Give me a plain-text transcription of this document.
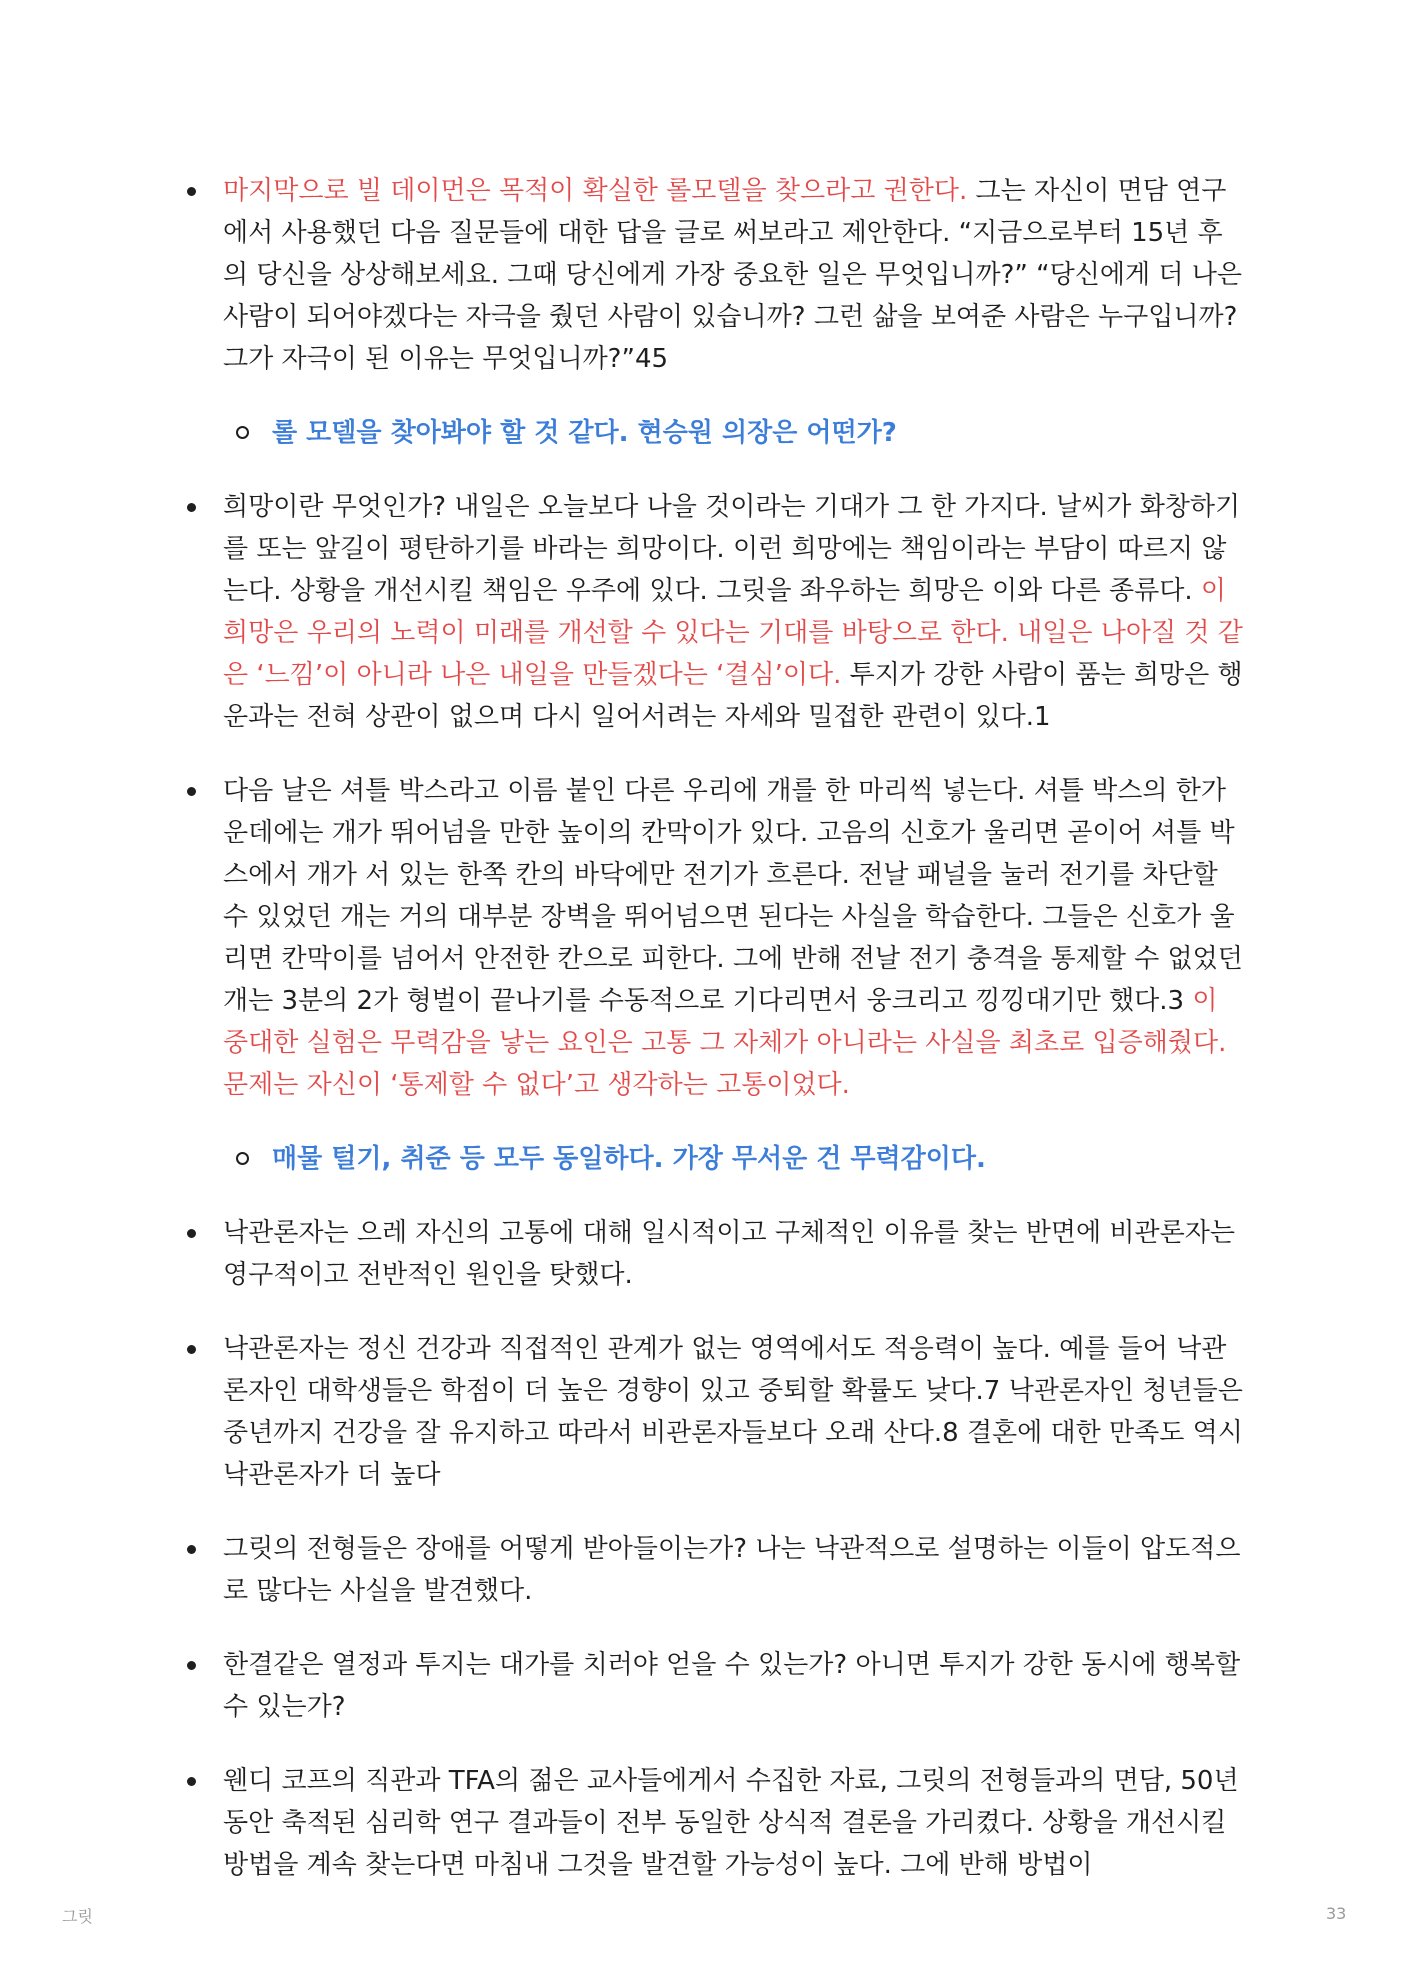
마지막으로 빌 데이먼은 목적이 확실한 롤모델을 찾으라고 권한다. 그는 자신이 면담 연구에서 사용했던 다음 질문들에 대한 답을 글로 써보라고 제안한다. “지금으로부터 15년 후의 당신을 상상해보세요. 그때 당신에게 가장 중요한 일은 무엇입니까?” “당신에게 더 나은 사람이 되어야겠다는 자극을 줬던 사람이 있습니까? 그런 삶을 보여준 사람은 누구입니까? 그가 자극이 된 이유는 무엇입니까?”45
롤 모델을 찾아봐야 할 것 같다. 현승원 의장은 어떤가?
희망이란 무엇인가? 내일은 오늘보다 나을 것이라는 기대가 그 한 가지다. 날씨가 화창하기를 또는 앞길이 평탄하기를 바라는 희망이다. 이런 희망에는 책임이라는 부담이 따르지 않는다. 상황을 개선시킬 책임은 우주에 있다. 그릿을 좌우하는 희망은 이와 다른 종류다. 이 희망은 우리의 노력이 미래를 개선할 수 있다는 기대를 바탕으로 한다. 내일은 나아질 것 같은 ‘느낌’이 아니라 나은 내일을 만들겠다는 ‘결심’이다. 투지가 강한 사람이 품는 희망은 행운과는 전혀 상관이 없으며 다시 일어서려는 자세와 밀접한 관련이 있다.1
다음 날은 셔틀 박스라고 이름 붙인 다른 우리에 개를 한 마리씩 넣는다. 셔틀 박스의 한가운데에는 개가 뛰어넘을 만한 높이의 칸막이가 있다. 고음의 신호가 울리면 곧이어 셔틀 박스에서 개가 서 있는 한쪽 칸의 바닥에만 전기가 흐른다. 전날 패널을 눌러 전기를 차단할 수 있었던 개는 거의 대부분 장벽을 뛰어넘으면 된다는 사실을 학습한다. 그들은 신호가 울리면 칸막이를 넘어서 안전한 칸으로 피한다. 그에 반해 전날 전기 충격을 통제할 수 없었던 개는 3분의 2가 형벌이 끝나기를 수동적으로 기다리면서 웅크리고 낑낑대기만 했다.3 이 중대한 실험은 무력감을 낳는 요인은 고통 그 자체가 아니라는 사실을 최초로 입증해줬다. 문제는 자신이 ‘통제할 수 없다’고 생각하는 고통이었다.
매물 털기, 취준 등 모두 동일하다. 가장 무서운 건 무력감이다.
낙관론자는 으레 자신의 고통에 대해 일시적이고 구체적인 이유를 찾는 반면에 비관론자는 영구적이고 전반적인 원인을 탓했다.
낙관론자는 정신 건강과 직접적인 관계가 없는 영역에서도 적응력이 높다. 예를 들어 낙관론자인 대학생들은 학점이 더 높은 경향이 있고 중퇴할 확률도 낮다.7 낙관론자인 청년들은 중년까지 건강을 잘 유지하고 따라서 비관론자들보다 오래 산다.8 결혼에 대한 만족도 역시 낙관론자가 더 높다
그릿의 전형들은 장애를 어떻게 받아들이는가? 나는 낙관적으로 설명하는 이들이 압도적으로 많다는 사실을 발견했다.
한결같은 열정과 투지는 대가를 치러야 얻을 수 있는가? 아니면 투지가 강한 동시에 행복할 수 있는가?
웬디 코프의 직관과 TFA의 젊은 교사들에게서 수집한 자료, 그릿의 전형들과의 면담, 50년 동안 축적된 심리학 연구 결과들이 전부 동일한 상식적 결론을 가리켰다. 상황을 개선시킬 방법을 계속 찾는다면 마침내 그것을 발견할 가능성이 높다. 그에 반해 방법이
그릿	33
